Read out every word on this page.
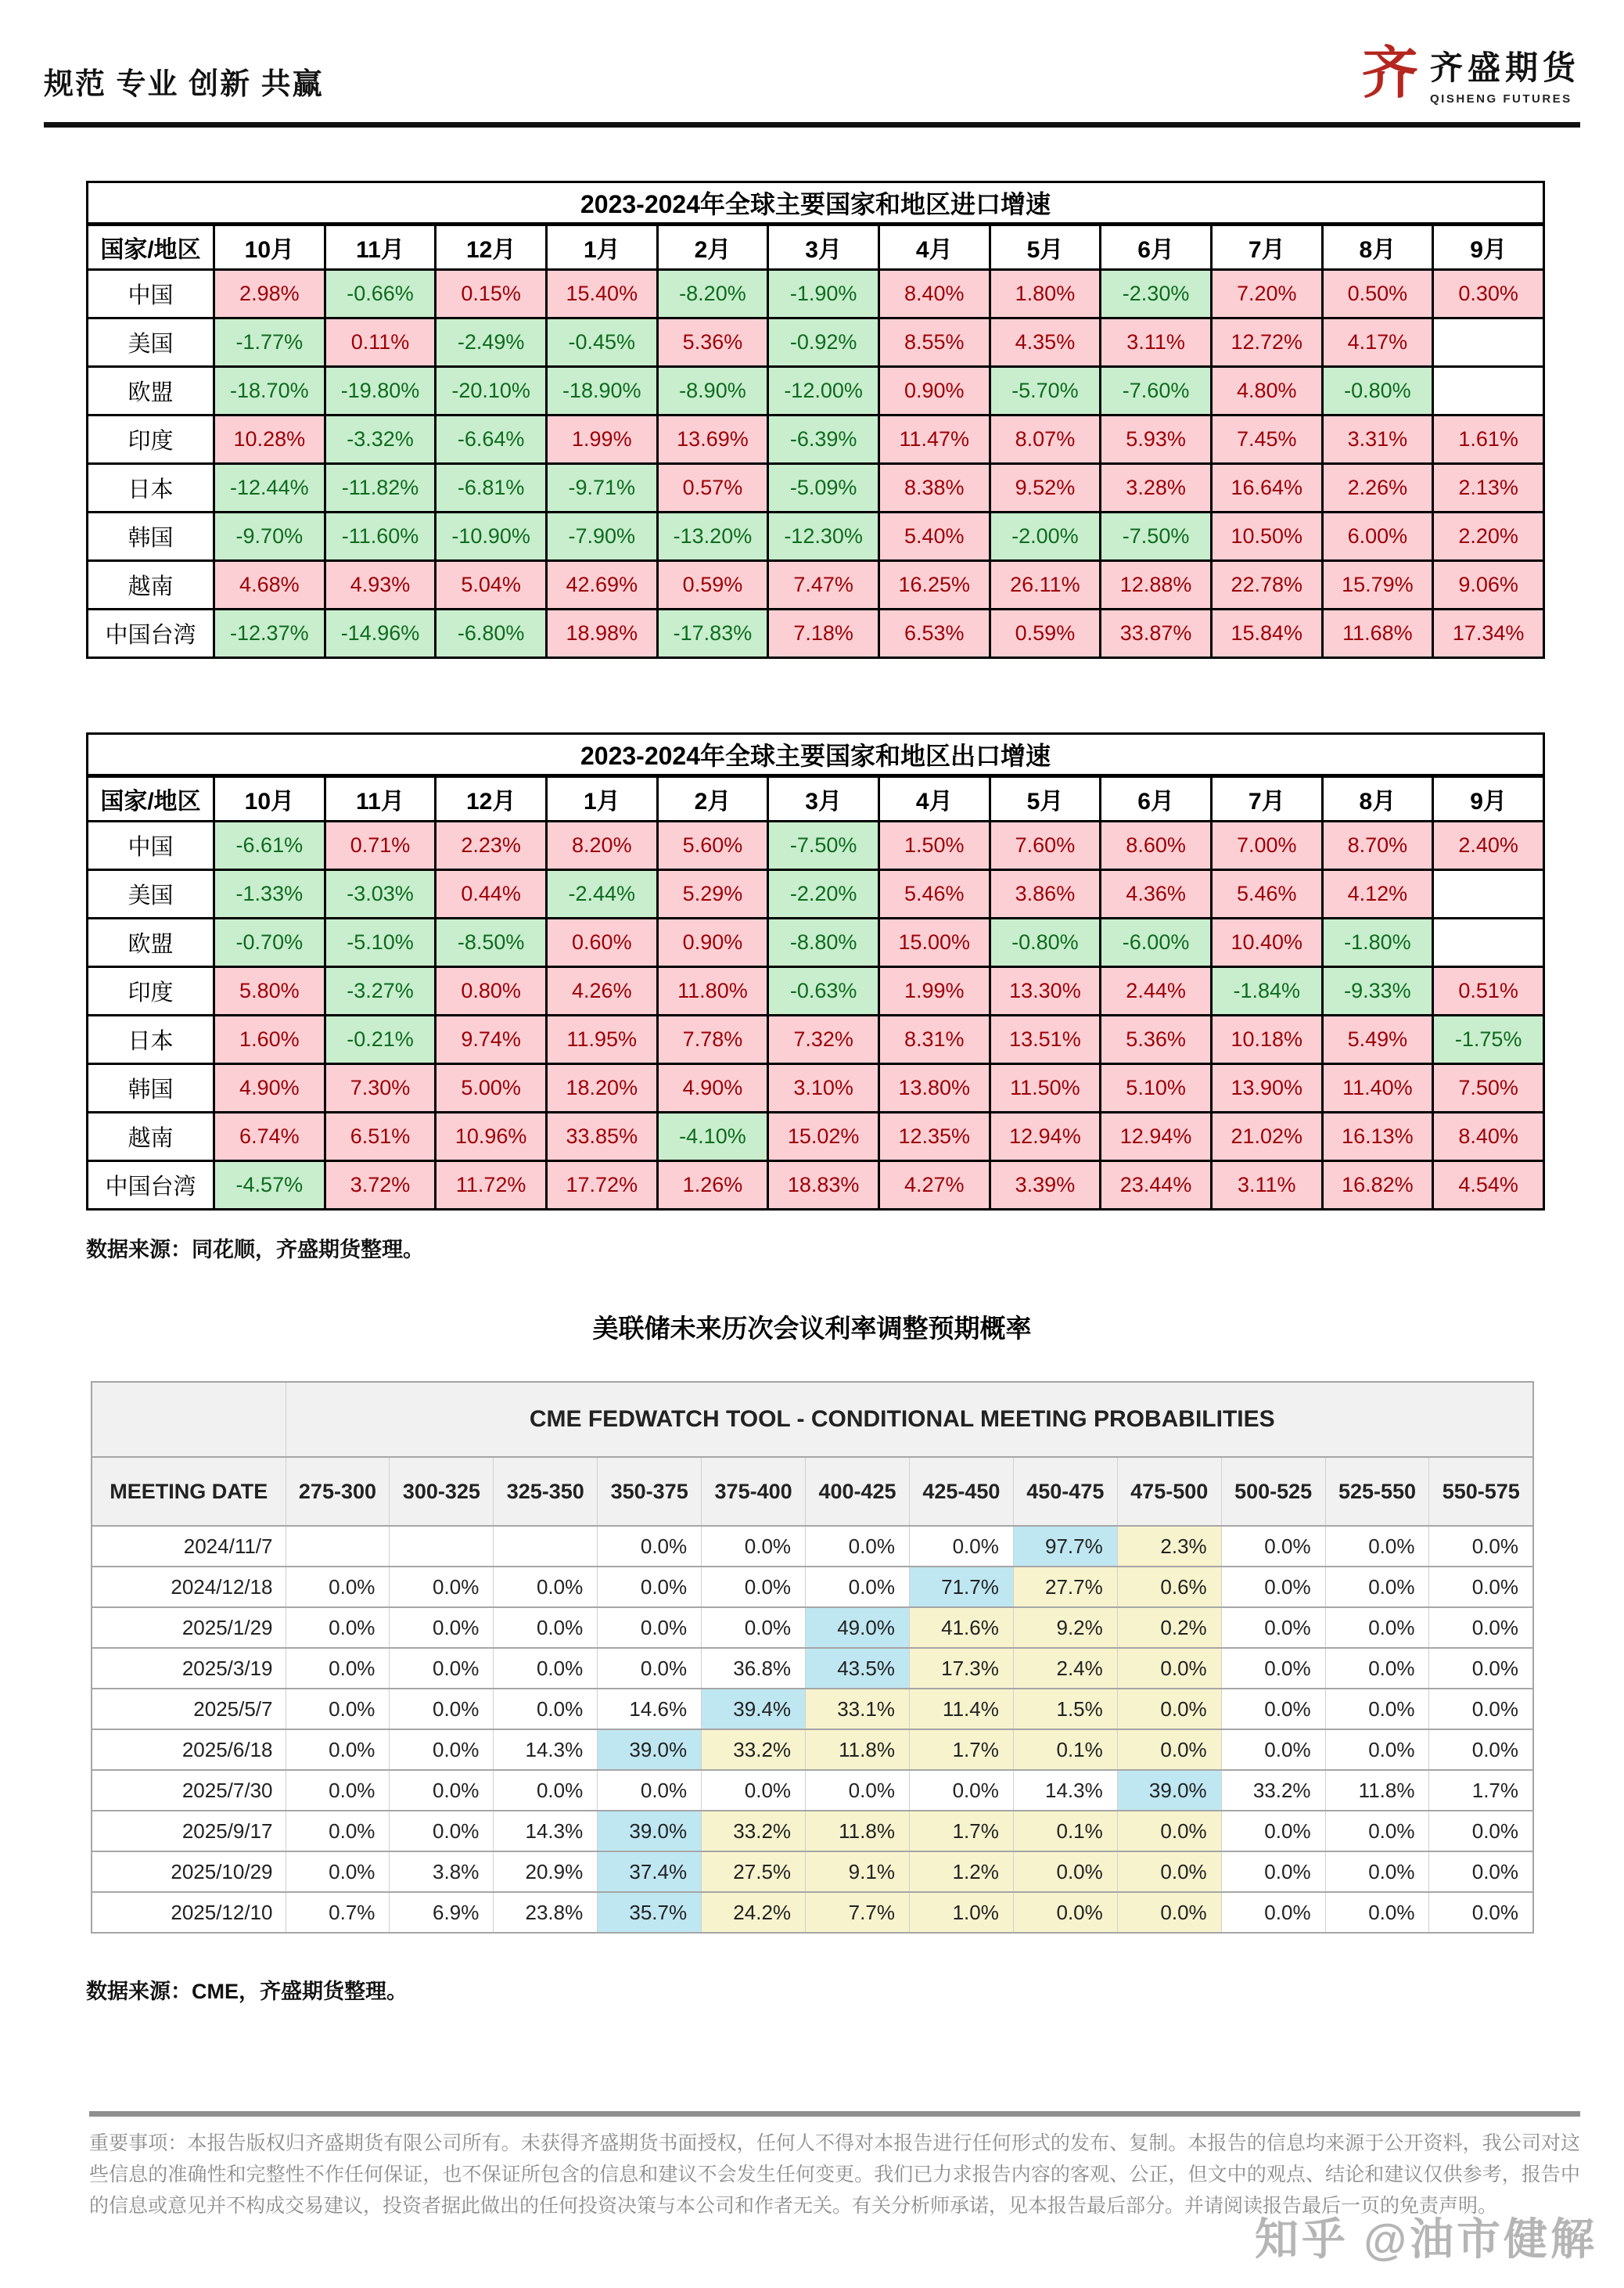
规范 专业 创新 共赢	齐 齐盛期货
QISHENG FUTURES
2023-2024年全球主要国家和地区进口增速												
国家/地区	10月	11月	12月	1月	2月	3月	4月	5月	6月	7月	8月	9月
中国	2.98%	-0.66%	0.15%	15.40%	-8.20%	-1.90%	8.40%	1.80%	-2.30%	7.20%	0.50%	0.30%
美国	-1.77%	0.11%	-2.49%	-0.45%	5.36%	-0.92%	8.55%	4.35%	3.11%	12.72%	4.17%	
欧盟	-18.70%	-19.80%	-20.10%	-18.90%	-8.90%	-12.00%	0.90%	-5.70%	-7.60%	4.80%	-0.80%	
印度	10.28%	-3.32%	-6.64%	1.99%	13.69%	-6.39%	11.47%	8.07%	5.93%	7.45%	3.31%	1.61%
日本	-12.44%	-11.82%	-6.81%	-9.71%	0.57%	-5.09%	8.38%	9.52%	3.28%	16.64%	2.26%	2.13%
韩国	-9.70%	-11.60%	-10.90%	-7.90%	-13.20%	-12.30%	5.40%	-2.00%	-7.50%	10.50%	6.00%	2.20%
越南	4.68%	4.93%	5.04%	42.69%	0.59%	7.47%	16.25%	26.11%	12.88%	22.78%	15.79%	9.06%
中国台湾	-12.37%	-14.96%	-6.80%	18.98%	-17.83%	7.18%	6.53%	0.59%	33.87%	15.84%	11.68%	17.34%
2023-2024年全球主要国家和地区出口增速												
国家/地区	10月	11月	12月	1月	2月	3月	4月	5月	6月	7月	8月	9月
中国	-6.61%	0.71%	2.23%	8.20%	5.60%	-7.50%	1.50%	7.60%	8.60%	7.00%	8.70%	2.40%
美国	-1.33%	-3.03%	0.44%	-2.44%	5.29%	-2.20%	5.46%	3.86%	4.36%	5.46%	4.12%	
欧盟	-0.70%	-5.10%	-8.50%	0.60%	0.90%	-8.80%	15.00%	-0.80%	-6.00%	10.40%	-1.80%	
印度	5.80%	-3.27%	0.80%	4.26%	11.80%	-0.63%	1.99%	13.30%	2.44%	-1.84%	-9.33%	0.51%
日本	1.60%	-0.21%	9.74%	11.95%	7.78%	7.32%	8.31%	13.51%	5.36%	10.18%	5.49%	-1.75%
韩国	4.90%	7.30%	5.00%	18.20%	4.90%	3.10%	13.80%	11.50%	5.10%	13.90%	11.40%	7.50%
越南	6.74%	6.51%	10.96%	33.85%	-4.10%	15.02%	12.35%	12.94%	12.94%	21.02%	16.13%	8.40%
中国台湾	-4.57%	3.72%	11.72%	17.72%	1.26%	18.83%	4.27%	3.39%	23.44%	3.11%	16.82%	4.54%

数据来源：同花顺，齐盛期货整理。

美联储未来历次会议利率调整预期概率
	CME FEDWATCH TOOL - CONDITIONAL MEETING PROBABILITIES											
MEETING DATE	275-300	300-325	325-350	350-375	375-400	400-425	425-450	450-475	475-500	500-525	525-550	550-575
2024/11/7				0.0%	0.0%	0.0%	0.0%	97.7%	2.3%	0.0%	0.0%	0.0%
2024/12/18	0.0%	0.0%	0.0%	0.0%	0.0%	0.0%	71.7%	27.7%	0.6%	0.0%	0.0%	0.0%
2025/1/29	0.0%	0.0%	0.0%	0.0%	0.0%	49.0%	41.6%	9.2%	0.2%	0.0%	0.0%	0.0%
2025/3/19	0.0%	0.0%	0.0%	0.0%	36.8%	43.5%	17.3%	2.4%	0.0%	0.0%	0.0%	0.0%
2025/5/7	0.0%	0.0%	0.0%	14.6%	39.4%	33.1%	11.4%	1.5%	0.0%	0.0%	0.0%	0.0%
2025/6/18	0.0%	0.0%	14.3%	39.0%	33.2%	11.8%	1.7%	0.1%	0.0%	0.0%	0.0%	0.0%
2025/7/30	0.0%	0.0%	0.0%	0.0%	0.0%	0.0%	0.0%	14.3%	39.0%	33.2%	11.8%	1.7%
2025/9/17	0.0%	0.0%	14.3%	39.0%	33.2%	11.8%	1.7%	0.1%	0.0%	0.0%	0.0%	0.0%
2025/10/29	0.0%	3.8%	20.9%	37.4%	27.5%	9.1%	1.2%	0.0%	0.0%	0.0%	0.0%	0.0%
2025/12/10	0.7%	6.9%	23.8%	35.7%	24.2%	7.7%	1.0%	0.0%	0.0%	0.0%	0.0%	0.0%

数据来源：CME，齐盛期货整理。

重要事项：本报告版权归齐盛期货有限公司所有。未获得齐盛期货书面授权，任何人不得对本报告进行任何形式的发布、复制。本报告的信息均来源于公开资料，我公司对这些信息的准确性和完整性不作任何保证，也不保证所包含的信息和建议不会发生任何变更。我们已力求报告内容的客观、公正，但文中的观点、结论和建议仅供参考，报告中的信息或意见并不构成交易建议，投资者据此做出的任何投资决策与本公司和作者无关。有关分析师承诺，见本报告最后部分。并请阅读报告最后一页的免责声明。

知乎 @油市健解
